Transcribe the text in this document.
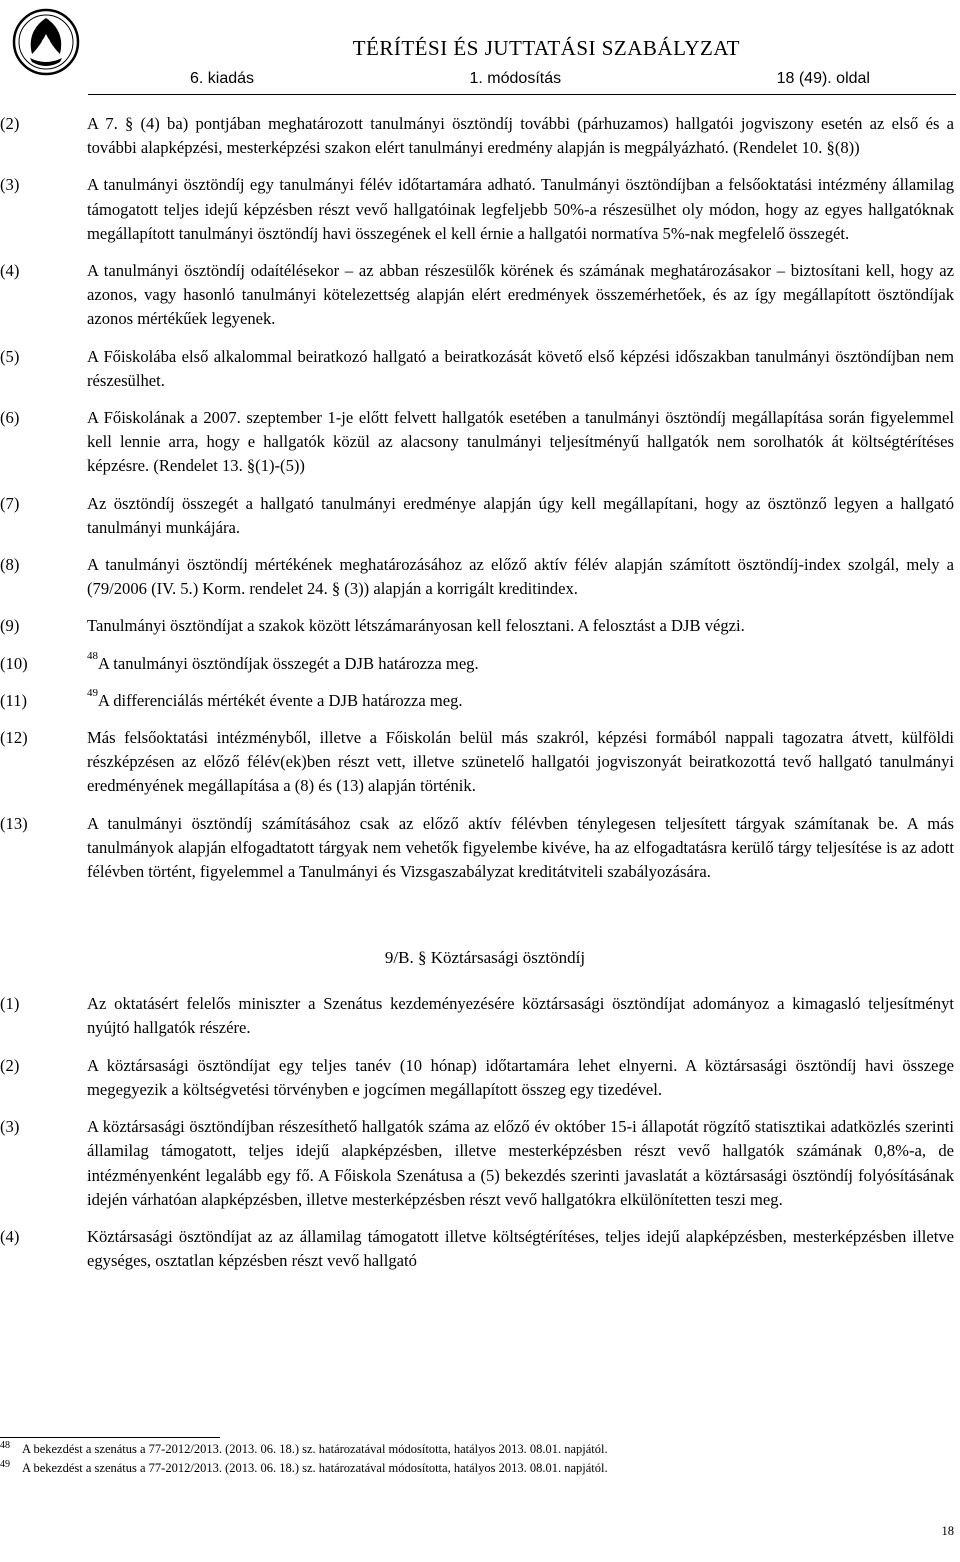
TÉRÍTÉSI ÉS JUTTATÁSI SZABÁLYZAT
6. kiadás	1. módosítás	18 (49). oldal
(2)	A 7. § (4) ba) pontjában meghatározott tanulmányi ösztöndíj további (párhuzamos) hallgatói jogviszony esetén az első és a további alapképzési, mesterképzési szakon elért tanulmányi eredmény alapján is megpályázható. (Rendelet 10. §(8))
(3)	A tanulmányi ösztöndíj egy tanulmányi félév időtartamára adható. Tanulmányi ösztöndíjban a felsőoktatási intézmény államilag támogatott teljes idejű képzésben részt vevő hallgatóinak legfeljebb 50%-a részesülhet oly módon, hogy az egyes hallgatóknak megállapított tanulmányi ösztöndíj havi összegének el kell érnie a hallgatói normatíva 5%-nak megfelelő összegét.
(4)	A tanulmányi ösztöndíj odaítélésekor – az abban részesülők körének és számának meghatározásakor – biztosítani kell, hogy az azonos, vagy hasonló tanulmányi kötelezettség alapján elért eredmények összemérhetőek, és az így megállapított ösztöndíjak azonos mértékűek legyenek.
(5)	A Főiskolába első alkalommal beiratkozó hallgató a beiratkozását követő első képzési időszakban tanulmányi ösztöndíjban nem részesülhet.
(6)	A Főiskolának a 2007. szeptember 1-je előtt felvett hallgatók esetében a tanulmányi ösztöndíj megállapítása során figyelemmel kell lennie arra, hogy e hallgatók közül az alacsony tanulmányi teljesítményű hallgatók nem sorolhatók át költségtérítéses képzésre. (Rendelet 13. §(1)-(5))
(7)	Az ösztöndíj összegét a hallgató tanulmányi eredménye alapján úgy kell megállapítani, hogy az ösztönző legyen a hallgató tanulmányi munkájára.
(8)	A tanulmányi ösztöndíj mértékének meghatározásához az előző aktív félév alapján számított ösztöndíj-index szolgál, mely a (79/2006 (IV. 5.) Korm. rendelet 24. § (3)) alapján a korrigált kreditindex.
(9)	Tanulmányi ösztöndíjat a szakok között létszámarányosan kell felosztani. A felosztást a DJB végzi.
(10)	$^{48}$A tanulmányi ösztöndíjak összegét a DJB határozza meg.
(11)	$^{49}$A differenciálás mértékét évente a DJB határozza meg.
(12)	Más felsőoktatási intézményből, illetve a Főiskolán belül más szakról, képzési formából nappali tagozatra átvett, külföldi részképzésen az előző félév(ek)ben részt vett, illetve szünetelő hallgatói jogviszonyát beiratkozottá tevő hallgató tanulmányi eredményének megállapítása a (8) és (13) alapján történik.
(13)	A tanulmányi ösztöndíj számításához csak az előző aktív félévben ténylegesen teljesített tárgyak számítanak be. A más tanulmányok alapján elfogadtatott tárgyak nem vehetők figyelembe kivéve, ha az elfogadtatásra kerülő tárgy teljesítése is az adott félévben történt, figyelemmel a Tanulmányi és Vizsgaszabályzat kreditátviteli szabályozására.
9/B. § Köztársasági ösztöndíj
(1)	Az oktatásért felelős miniszter a Szenátus kezdeményezésére köztársasági ösztöndíjat adományoz a kimagasló teljesítményt nyújtó hallgatók részére.
(2)	A köztársasági ösztöndíjat egy teljes tanév (10 hónap) időtartamára lehet elnyerni. A köztársasági ösztöndíj havi összege megegyezik a költségvetési törvényben e jogcímen megállapított összeg egy tizedével.
(3)	A köztársasági ösztöndíjban részesíthető hallgatók száma az előző év október 15-i állapotát rögzítő statisztikai adatközlés szerinti államilag támogatott, teljes idejű alapképzésben, illetve mesterképzésben részt vevő hallgatók számának 0,8%-a, de intézményenként legalább egy fő. A Főiskola Szenátusa a (5) bekezdés szerinti javaslatát a köztársasági ösztöndíj folyósításának idején várhatóan alapképzésben, illetve mesterképzésben részt vevő hallgatókra elkülönítetten teszi meg.
(4)	Köztársasági ösztöndíjat az az államilag támogatott illetve költségtérítéses, teljes idejű alapképzésben, mesterképzésben illetve egységes, osztatlan képzésben részt vevő hallgató
48 A bekezdést a szenátus a 77-2012/2013. (2013. 06. 18.) sz. határozatával módosította, hatályos 2013. 08.01. napjától.
49 A bekezdést a szenátus a 77-2012/2013. (2013. 06. 18.) sz. határozatával módosította, hatályos 2013. 08.01. napjától.
18
